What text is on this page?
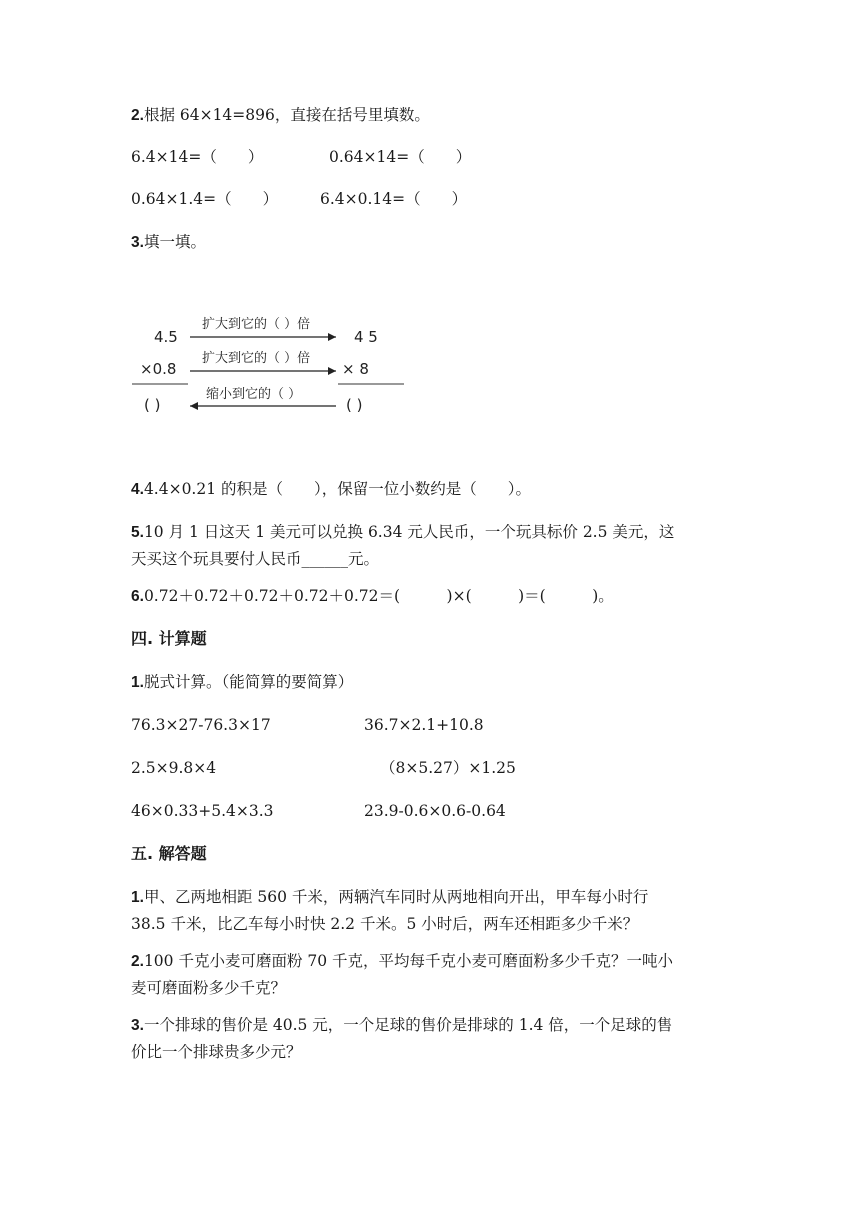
2.根据 64×14=896，直接在括号里填数。
6.4×14=（　　）	0.64×14=（　　）
0.64×1.4=（　　）	6.4×0.14=（　　）
3.填一填。
4.5
×0.8
( )
4 5
× 8
( )
扩大到它的（ ）倍
扩大到它的（ ）倍
缩小到它的（ ）
4.4.4×0.21 的积是（　　），保留一位小数约是（　　）。
5.10 月 1 日这天 1 美元可以兑换 6.34 元人民币，一个玩具标价 2.5 美元，这
天买这个玩具要付人民币______元。
6.0.72＋0.72＋0.72＋0.72＋0.72＝(　　　)×(　　　)＝(　　　)。
四. 计算题
1.脱式计算。（能简算的要简算）
76.3×27-76.3×17	36.7×2.1+10.8
2.5×9.8×4	（8×5.27）×1.25
46×0.33+5.4×3.3	23.9-0.6×0.6-0.64
五. 解答题
1.甲、乙两地相距 560 千米，两辆汽车同时从两地相向开出，甲车每小时行
38.5 千米，比乙车每小时快 2.2 千米。5 小时后，两车还相距多少千米？
2.100 千克小麦可磨面粉 70 千克，平均每千克小麦可磨面粉多少千克？一吨小
麦可磨面粉多少千克？
3.一个排球的售价是 40.5 元，一个足球的售价是排球的 1.4 倍，一个足球的售
价比一个排球贵多少元？
